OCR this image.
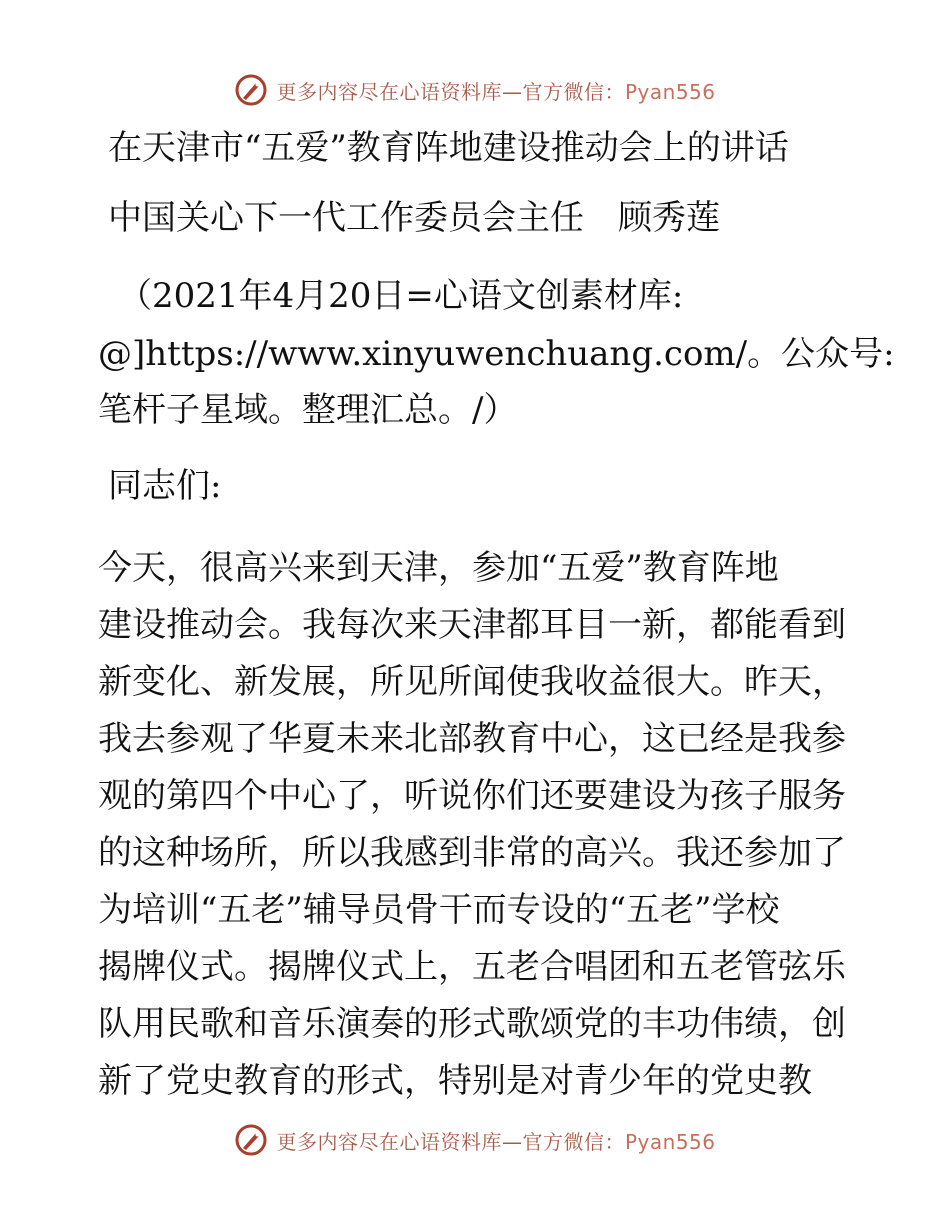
更多内容尽在心语资料库—官方微信：Pyan556
在天津市“五爱”教育阵地建设推动会上的讲话
中国关心下一代工作委员会主任　顾秀莲
（2021年4月20日=心语文创素材库:
@]https://www.xinyuwenchuang.com/。公众号:
笔杆子星域。整理汇总。/）
同志们:
今天，很高兴来到天津，参加“五爱”教育阵地
建设推动会。我每次来天津都耳目一新，都能看到
新变化、新发展，所见所闻使我收益很大。昨天，
我去参观了华夏未来北部教育中心，这已经是我参
观的第四个中心了，听说你们还要建设为孩子服务
的这种场所，所以我感到非常的高兴。我还参加了
为培训“五老”辅导员骨干而专设的“五老”学校
揭牌仪式。揭牌仪式上，五老合唱团和五老管弦乐
队用民歌和音乐演奏的形式歌颂党的丰功伟绩，创
新了党史教育的形式，特别是对青少年的党史教
更多内容尽在心语资料库—官方微信：Pyan556
